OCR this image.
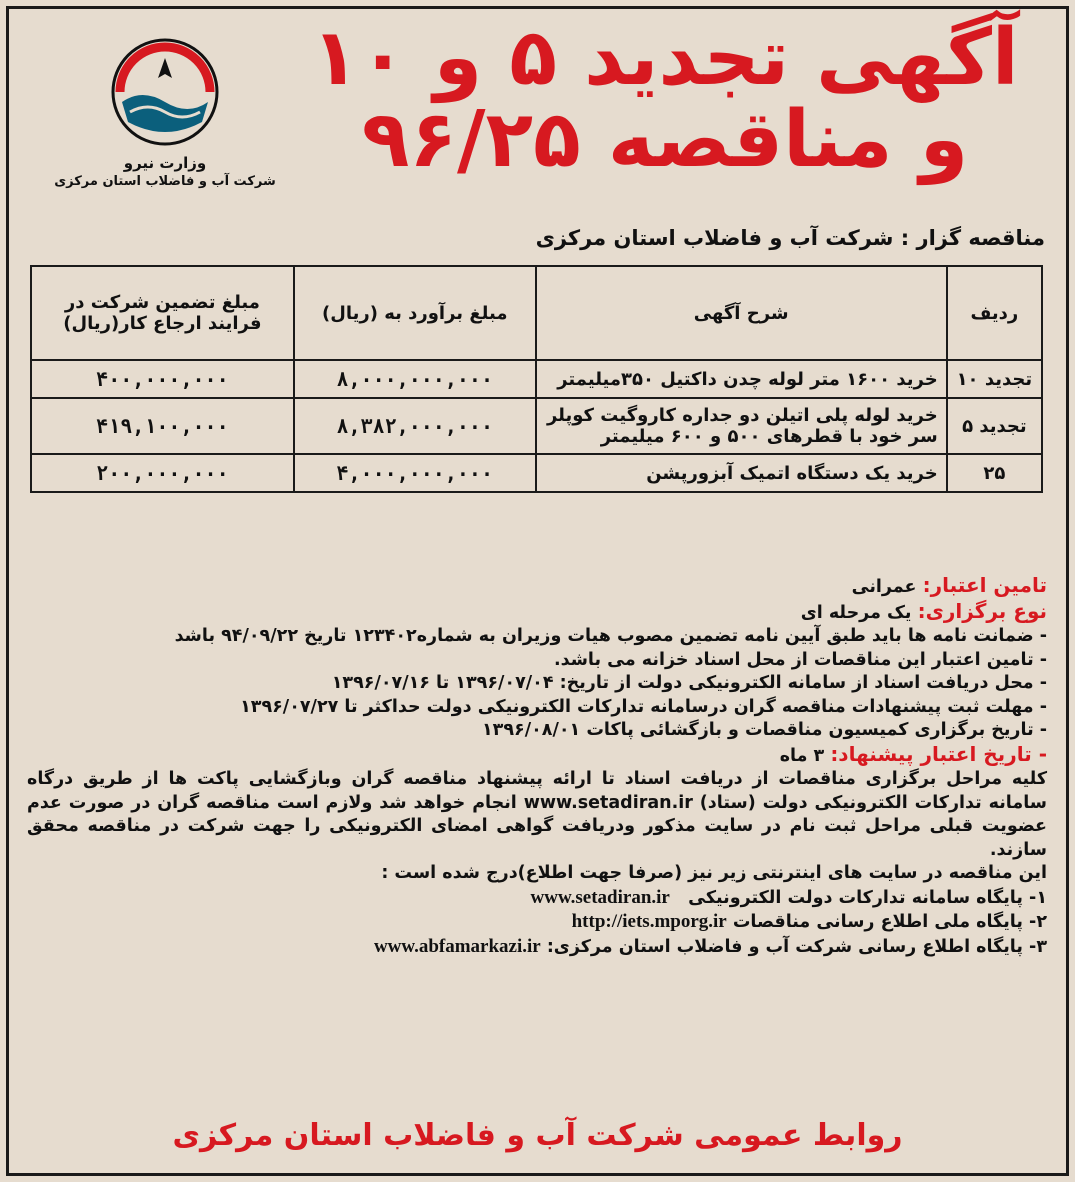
وزارت نیرو
شرکت آب و فاضلاب استان مرکزی
آگهی تجدید ۵ و ۱۰
و مناقصه ۹۶/۲۵
مناقصه گزار : شرکت آب و فاضلاب استان مرکزی
ردیف	شرح آگهی	مبلغ برآورد به (ریال)	مبلغ تضمین شرکت در فرایند ارجاع کار(ریال)
تجدید ۱۰	خرید ۱۶۰۰ متر لوله چدن داکتیل ۳۵۰میلیمتر	۸,۰۰۰,۰۰۰,۰۰۰	۴۰۰,۰۰۰,۰۰۰
تجدید ۵	خرید لوله پلی اتیلن دو جداره کاروگیت کوپلر سر خود با قطرهای ۵۰۰ و ۶۰۰ میلیمتر	۸,۳۸۲,۰۰۰,۰۰۰	۴۱۹,۱۰۰,۰۰۰
۲۵	خرید یک دستگاه اتمیک آبزورپشن	۴,۰۰۰,۰۰۰,۰۰۰	۲۰۰,۰۰۰,۰۰۰

تامین اعتبار: عمرانی

نوع برگزاری: یک مرحله ای

- ضمانت نامه ها باید طبق آیین نامه تضمین مصوب هیات وزیران به شماره۱۲۳۴۰۲ تاریخ ۹۴/۰۹/۲۲ باشد

- تامین اعتبار این مناقصات از محل اسناد خزانه می باشد.

- محل دریافت اسناد از سامانه الکترونیکی دولت از تاریخ: ۱۳۹۶/۰۷/۰۴ تا ۱۳۹۶/۰۷/۱۶

- مهلت ثبت پیشنهادات مناقصه گران درسامانه تدارکات الکترونیکی دولت حداکثر تا ۱۳۹۶/۰۷/۲۷

- تاریخ برگزاری کمیسیون مناقصات و بازگشائی پاکات ۱۳۹۶/۰۸/۰۱

- تاریخ اعتبار پیشنهاد: ۳ ماه

کلیه مراحل برگزاری مناقصات از دریافت اسناد تا ارائه پیشنهاد مناقصه گران وبازگشایی پاکت ها از طریق درگاه سامانه تدارکات الکترونیکی دولت (ستاد) www.setadiran.ir انجام خواهد شد ولازم است مناقصه گران در صورت عدم عضویت قبلی مراحل ثبت نام در سایت مذکور ودریافت گواهی امضای الکترونیکی را جهت شرکت در مناقصه محقق سازند.

این مناقصه در سایت های اینترنتی زیر نیز (صرفا جهت اطلاع)درج شده است :

۱- پایگاه سامانه تدارکات دولت الکترونیکی   www.setadiran.ir

۲- پایگاه ملی اطلاع رسانی مناقصات http://iets.mporg.ir

۳- پایگاه اطلاع رسانی شرکت آب و فاضلاب استان مرکزی: www.abfamarkazi.ir

روابط عمومی شرکت آب و فاضلاب استان مرکزی
